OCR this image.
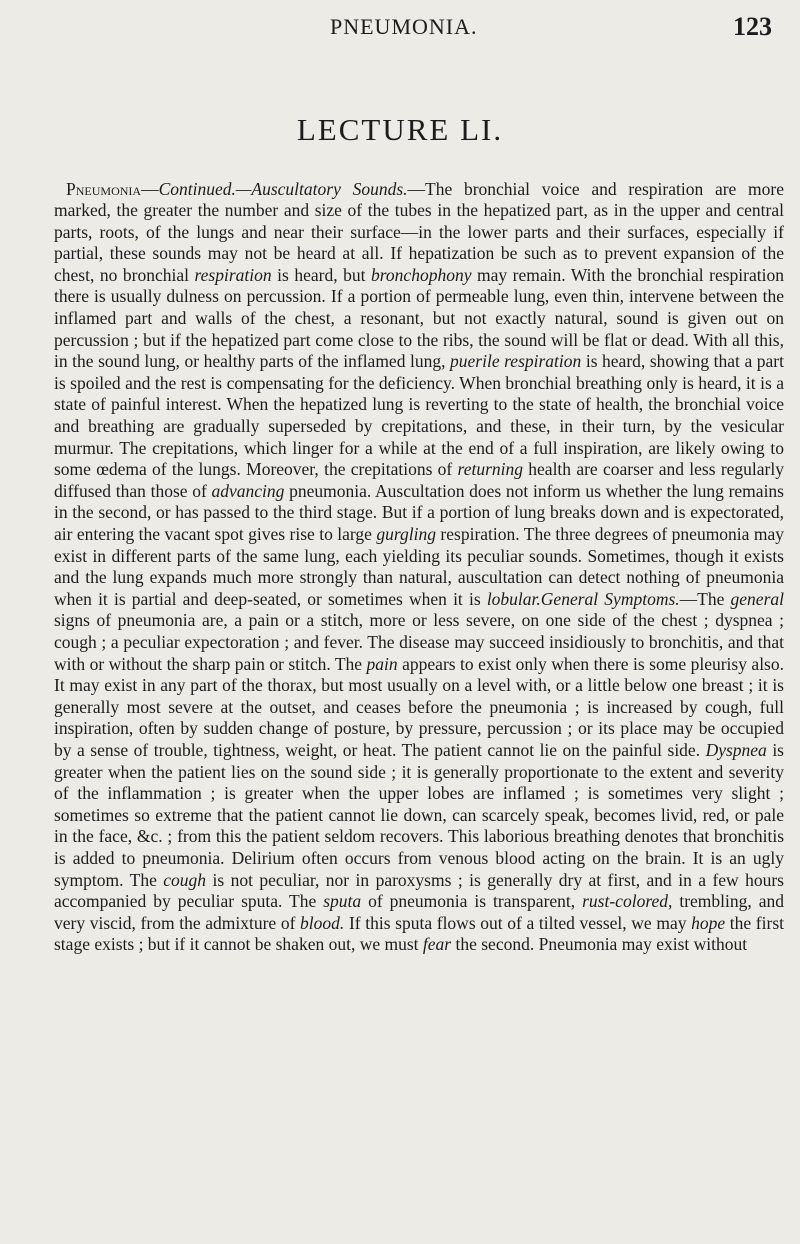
PNEUMONIA.	123
LECTURE LI.

Pneumonia—Continued.—Auscultatory Sounds.—The bronchial voice and respiration are more marked, the greater the number and size of the tubes in the hepatized part, as in the upper and central parts, roots, of the lungs and near their surface—in the lower parts and their surfaces, especially if partial, these sounds may not be heard at all. If hepatization be such as to prevent expansion of the chest, no bronchial respiration is heard, but bronchophony may remain. With the bronchial respiration there is usually dulness on percussion. If a portion of permeable lung, even thin, intervene between the inflamed part and walls of the chest, a resonant, but not exactly natural, sound is given out on percussion ; but if the hepatized part come close to the ribs, the sound will be flat or dead. With all this, in the sound lung, or healthy parts of the inflamed lung, puerile respiration is heard, showing that a part is spoiled and the rest is compensating for the deficiency. When bronchial breathing only is heard, it is a state of painful interest. When the hepatized lung is reverting to the state of health, the bronchial voice and breathing are gradually superseded by crepitations, and these, in their turn, by the vesicular murmur. The crepitations, which linger for a while at the end of a full inspiration, are likely owing to some œdema of the lungs. Moreover, the crepitations of returning health are coarser and less regularly diffused than those of advancing pneumonia. Auscultation does not inform us whether the lung remains in the second, or has passed to the third stage. But if a portion of lung breaks down and is expectorated, air entering the vacant spot gives rise to large gurgling respiration. The three degrees of pneumonia may exist in different parts of the same lung, each yielding its peculiar sounds. Sometimes, though it exists and the lung expands much more strongly than natural, auscultation can detect nothing of pneumonia when it is partial and deep-seated, or sometimes when it is lobular.General Symptoms.—The general signs of pneumonia are, a pain or a stitch, more or less severe, on one side of the chest ; dyspnea ; cough ; a peculiar expectoration ; and fever. The disease may succeed insidiously to bronchitis, and that with or without the sharp pain or stitch. The pain appears to exist only when there is some pleurisy also. It may exist in any part of the thorax, but most usually on a level with, or a little below one breast ; it is generally most severe at the outset, and ceases before the pneumonia ; is increased by cough, full inspiration, often by sudden change of posture, by pressure, percussion ; or its place may be occupied by a sense of trouble, tightness, weight, or heat. The patient cannot lie on the painful side. Dyspnea is greater when the patient lies on the sound side ; it is generally proportionate to the extent and severity of the inflammation ; is greater when the upper lobes are inflamed ; is sometimes very slight ; sometimes so extreme that the patient cannot lie down, can scarcely speak, becomes livid, red, or pale in the face, &c. ; from this the patient seldom recovers. This laborious breathing denotes that bronchitis is added to pneumonia. Delirium often occurs from venous blood acting on the brain. It is an ugly symptom. The cough is not peculiar, nor in paroxysms ; is generally dry at first, and in a few hours accompanied by peculiar sputa. The sputa of pneumonia is transparent, rust-colored, trembling, and very viscid, from the admixture of blood. If this sputa flows out of a tilted vessel, we may hope the first stage exists ; but if it cannot be shaken out, we must fear the second. Pneumonia may exist without
